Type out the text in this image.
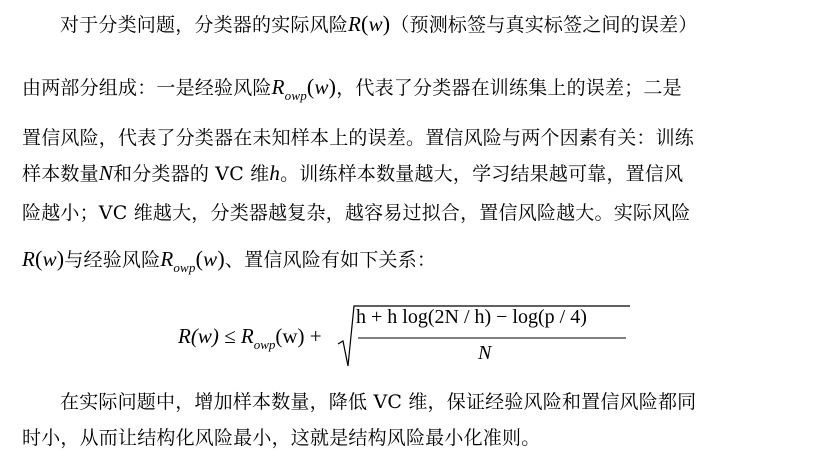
对于分类问题，分类器的实际风险R(w)（预测标签与真实标签之间的误差）
由两部分组成：一是经验风险$R_{owp}(w)$，代表了分类器在训练集上的误差；二是
置信风险，代表了分类器在未知样本上的误差。置信风险与两个因素有关：训练
样本数量N和分类器的 VC 维h。训练样本数量越大，学习结果越可靠，置信风
险越小；VC 维越大，分类器越复杂，越容易过拟合，置信风险越大。实际风险
R(w)与经验风险$R_{owp}(w)$、置信风险有如下关系：
$R(w) \le R_{owp}(w)$ +
h + h log(2N / h) − log(p / 4)
N
在实际问题中，增加样本数量，降低 VC 维，保证经验风险和置信风险都同
时小，从而让结构化风险最小，这就是结构风险最小化准则。
